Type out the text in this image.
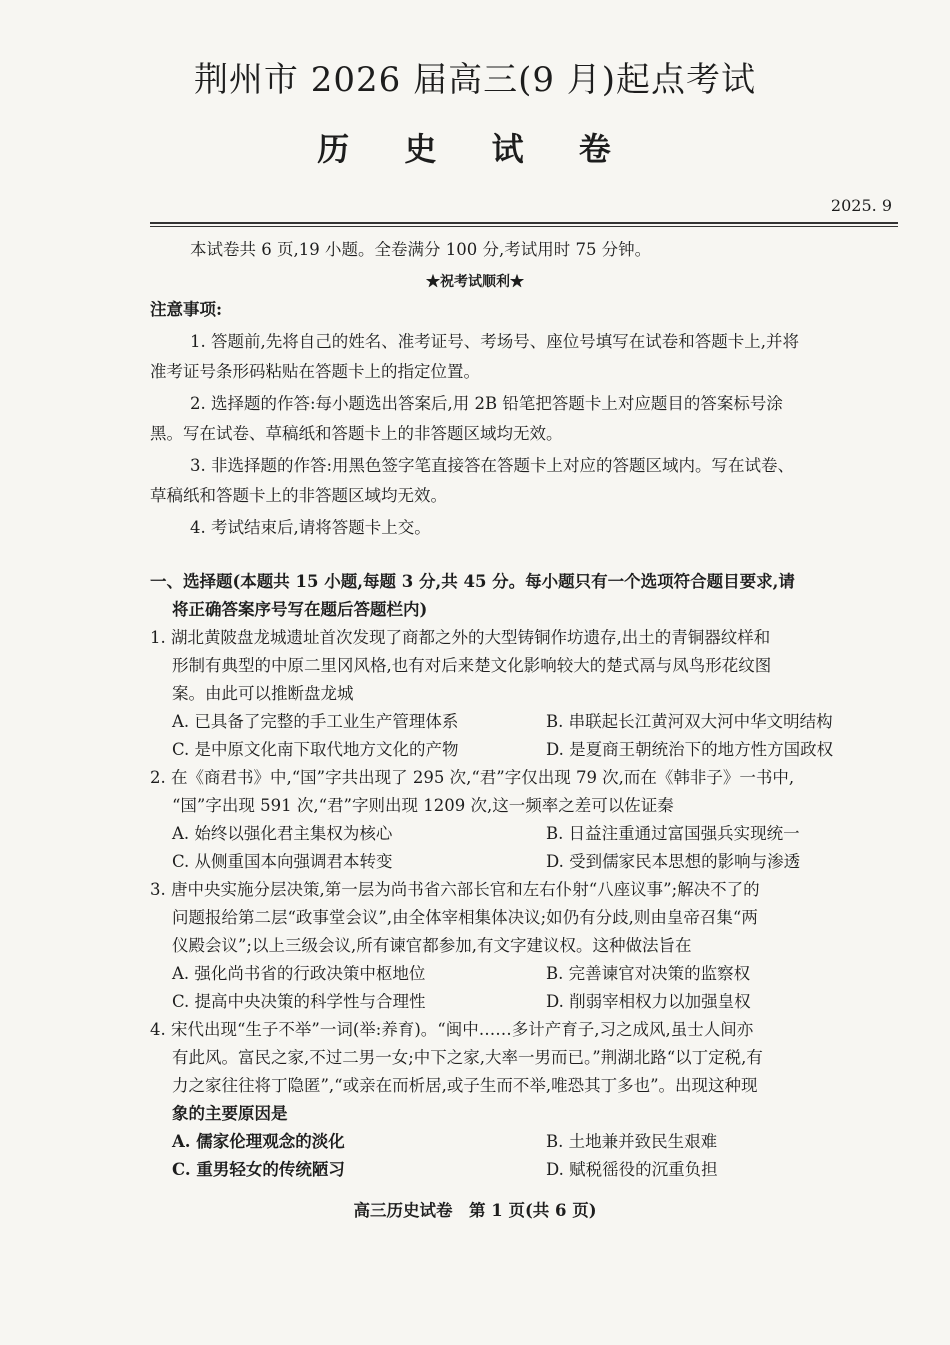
荆州市 2026 届高三(9 月)起点考试
历 史 试 卷
2025. 9
本试卷共 6 页,19 小题。全卷满分 100 分,考试用时 75 分钟。
★祝考试顺利★
注意事项:
1. 答题前,先将自己的姓名、准考证号、考场号、座位号填写在试卷和答题卡上,并将
准考证号条形码粘贴在答题卡上的指定位置。
2. 选择题的作答:每小题选出答案后,用 2B 铅笔把答题卡上对应题目的答案标号涂
黑。写在试卷、草稿纸和答题卡上的非答题区域均无效。
3. 非选择题的作答:用黑色签字笔直接答在答题卡上对应的答题区域内。写在试卷、
草稿纸和答题卡上的非答题区域均无效。
4. 考试结束后,请将答题卡上交。
一、选择题(本题共 15 小题,每题 3 分,共 45 分。每小题只有一个选项符合题目要求,请
将正确答案序号写在题后答题栏内)
1. 湖北黄陂盘龙城遗址首次发现了商都之外的大型铸铜作坊遗存,出土的青铜器纹样和
形制有典型的中原二里冈风格,也有对后来楚文化影响较大的楚式鬲与凤鸟形花纹图
案。由此可以推断盘龙城
A. 已具备了完整的手工业生产管理体系	B. 串联起长江黄河双大河中华文明结构
C. 是中原文化南下取代地方文化的产物	D. 是夏商王朝统治下的地方性方国政权
2. 在《商君书》中,“国”字共出现了 295 次,“君”字仅出现 79 次,而在《韩非子》一书中,
“国”字出现 591 次,“君”字则出现 1209 次,这一频率之差可以佐证秦
A. 始终以强化君主集权为核心	B. 日益注重通过富国强兵实现统一
C. 从侧重国本向强调君本转变	D. 受到儒家民本思想的影响与渗透
3. 唐中央实施分层决策,第一层为尚书省六部长官和左右仆射“八座议事”;解决不了的
问题报给第二层“政事堂会议”,由全体宰相集体决议;如仍有分歧,则由皇帝召集“两
仪殿会议”;以上三级会议,所有谏官都参加,有文字建议权。这种做法旨在
A. 强化尚书省的行政决策中枢地位	B. 完善谏官对决策的监察权
C. 提高中央决策的科学性与合理性	D. 削弱宰相权力以加强皇权
4. 宋代出现“生子不举”一词(举:养育)。“闽中……多计产育子,习之成风,虽士人间亦
有此风。富民之家,不过二男一女;中下之家,大率一男而已。”荆湖北路“以丁定税,有
力之家往往将丁隐匿”,“或亲在而析居,或子生而不举,唯恐其丁多也”。出现这种现
象的主要原因是
A. 儒家伦理观念的淡化	B. 土地兼并致民生艰难
C. 重男轻女的传统陋习	D. 赋税徭役的沉重负担
高三历史试卷　第 1 页(共 6 页)
